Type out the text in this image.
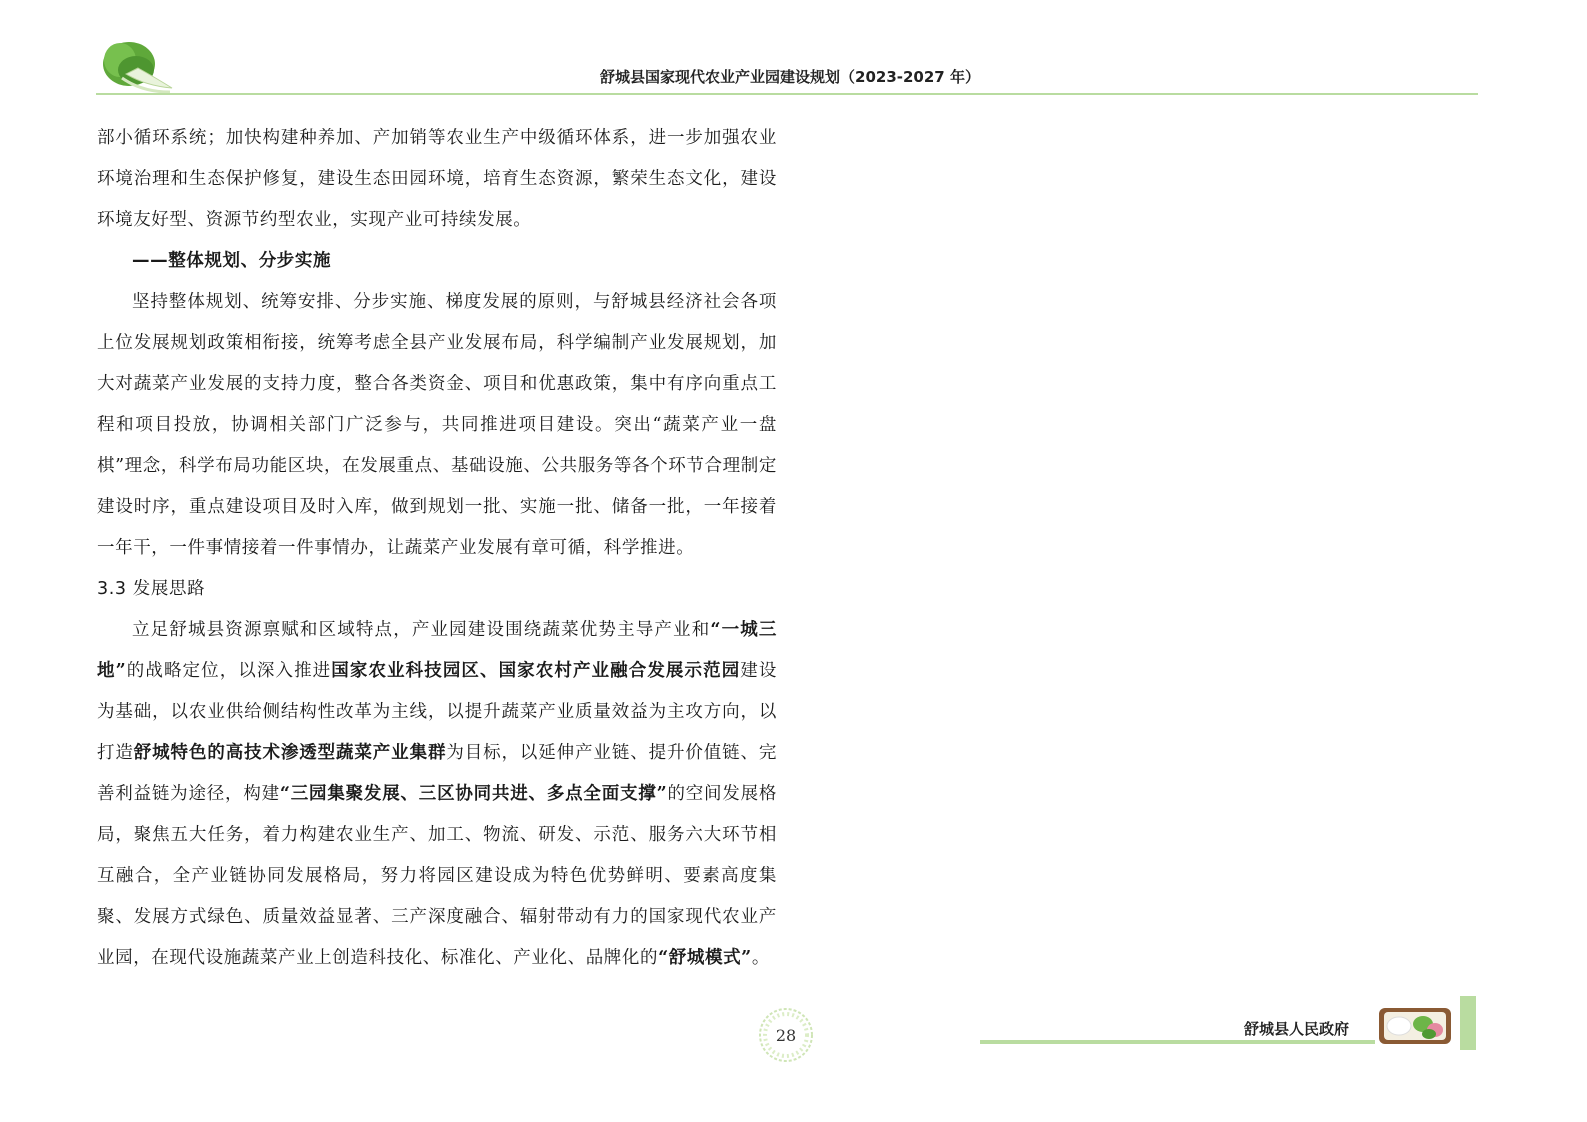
舒城县国家现代农业产业园建设规划（2023-2027 年）

部小循环系统；加快构建种养加、产加销等农业生产中级循环体系，进一步加强农业环境治理和生态保护修复，建设生态田园环境，培育生态资源，繁荣生态文化，建设环境友好型、资源节约型农业，实现产业可持续发展。

——整体规划、分步实施

坚持整体规划、统筹安排、分步实施、梯度发展的原则，与舒城县经济社会各项上位发展规划政策相衔接，统筹考虑全县产业发展布局，科学编制产业发展规划，加大对蔬菜产业发展的支持力度，整合各类资金、项目和优惠政策，集中有序向重点工程和项目投放，协调相关部门广泛参与，共同推进项目建设。突出“蔬菜产业一盘棋”理念，科学布局功能区块，在发展重点、基础设施、公共服务等各个环节合理制定建设时序，重点建设项目及时入库，做到规划一批、实施一批、储备一批，一年接着一年干，一件事情接着一件事情办，让蔬菜产业发展有章可循，科学推进。

3.3 发展思路

立足舒城县资源禀赋和区域特点，产业园建设围绕蔬菜优势主导产业和“一城三地”的战略定位，以深入推进国家农业科技园区、国家农村产业融合发展示范园建设为基础，以农业供给侧结构性改革为主线，以提升蔬菜产业质量效益为主攻方向，以打造舒城特色的高技术渗透型蔬菜产业集群为目标，以延伸产业链、提升价值链、完善利益链为途径，构建“三园集聚发展、三区协同共进、多点全面支撑”的空间发展格局，聚焦五大任务，着力构建农业生产、加工、物流、研发、示范、服务六大环节相互融合，全产业链协同发展格局，努力将园区建设成为特色优势鲜明、要素高度集聚、发展方式绿色、质量效益显著、三产深度融合、辐射带动有力的国家现代农业产业园，在现代设施蔬菜产业上创造科技化、标准化、产业化、品牌化的“舒城模式”。

28	舒城县人民政府
